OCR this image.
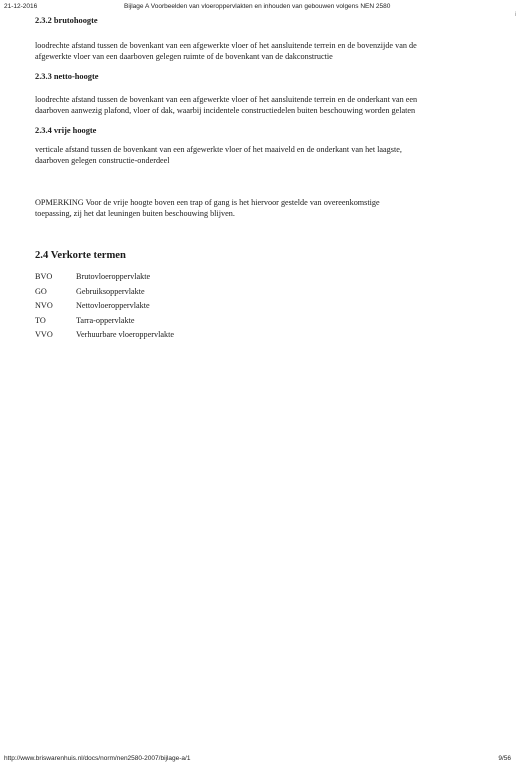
21-12-2016	Bijlage A Voorbeelden van vloeroppervlakten en inhouden van gebouwen volgens NEN 2580
i
2.3.2 brutohoogte
loodrechte afstand tussen de bovenkant van een afgewerkte vloer of het aansluitende terrein en de bovenzijde van de
afgewerkte vloer van een daarboven gelegen ruimte of de bovenkant van de dakconstructie
2.3.3 netto-hoogte
loodrechte afstand tussen de bovenkant van een afgewerkte vloer of het aansluitende terrein en de onderkant van een
daarboven aanwezig plafond, vloer of dak, waarbij incidentele constructiedelen buiten beschouwing worden gelaten
2.3.4 vrije hoogte
verticale afstand tussen de bovenkant van een afgewerkte vloer of het maaiveld en de onderkant van het laagste,
daarboven gelegen constructie-onderdeel
OPMERKING Voor de vrije hoogte boven een trap of gang is het hiervoor gestelde van overeenkomstige
toepassing, zij het dat leuningen buiten beschouwing blijven.
2.4 Verkorte termen
BVO	Brutovloeroppervlakte
GO	Gebruiksoppervlakte
NVO	Nettovloeroppervlakte
TO	Tarra-oppervlakte
VVO	Verhuurbare vloeroppervlakte
http://www.briswarenhuis.nl/docs/norm/nen2580-2007/bijlage-a/1	9/56
